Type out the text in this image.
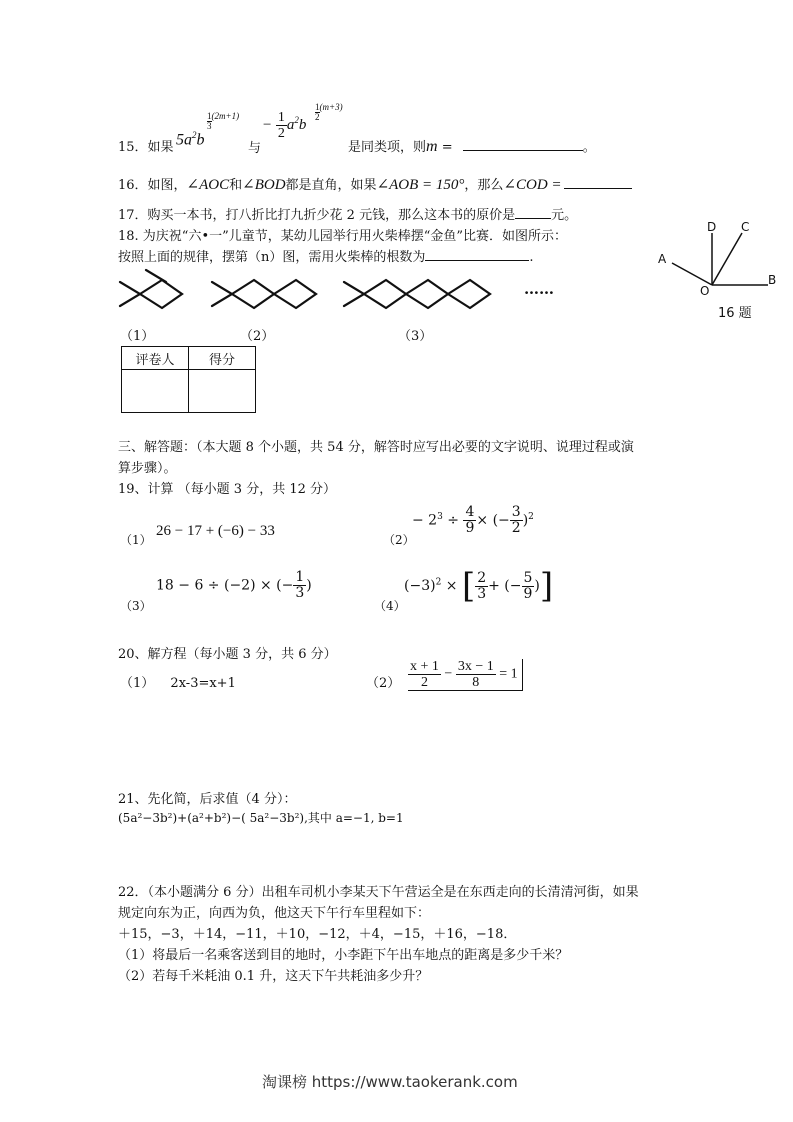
15．如果 $5a^2b$
$\frac{1}{3} (2m+1)$
与
− $\frac{1}{2} a^2b$
$\frac{1}{2} (m+3)$
是同类项，则m =	。
16．如图，∠AOC和∠BOD都是直角，如果∠AOB = 150°，那么∠COD =
17．购买一本书，打八折比打九折少花 2 元钱，那么这本书的原价是	元。
18. 为庆祝“六•一”儿童节，某幼儿园举行用火柴棒摆“金鱼”比赛．如图所示：
按照上面的规律，摆第（n）图，需用火柴棒的根数为	.
……
（1）	（2）	（3）
D C
A
O
B
16 题
评卷人	得分

三、解答题：（本大题 8 个小题，共 54 分，解答时应写出必要的文字说明、说理过程或演
算步骤）。
19、计算 （每小题 3 分，共 12 分）
（1）
26 − 17 + (−6) − 33
（2）
− $2^3 \div \frac{4}{9}$ × (− $\frac{3}{2} )^2$
（3）
18 − 6 ÷ (−2) × (− $\frac{1}{3}$ )
（4）
$(-3)^2$ × [ $\frac{2}{3}$ + (− $\frac{5}{9}$ )]
20、解方程（每小题 3 分，共 6 分）
（1） 2x-3=x+1	$(2) \frac{x + 1}{2} - \frac{3x - 1}{8} = 1$
21、先化简，后求值（4 分）：
(5a²−3b²)+(a²+b²)−( 5a²−3b²),其中 a=−1, b=1
22．（本小题满分 6 分）出租车司机小李某天下午营运全是在东西走向的长清清河街，如果
规定向东为正，向西为负，他这天下午行车里程如下：
＋15，−3，＋14，−11，＋10，−12，＋4，−15，＋16，−18．
（1）将最后一名乘客送到目的地时，小李距下午出车地点的距离是多少千米？
（2）若每千米耗油 0.1 升，这天下午共耗油多少升？
淘课榜 https://www.taokerank.com
